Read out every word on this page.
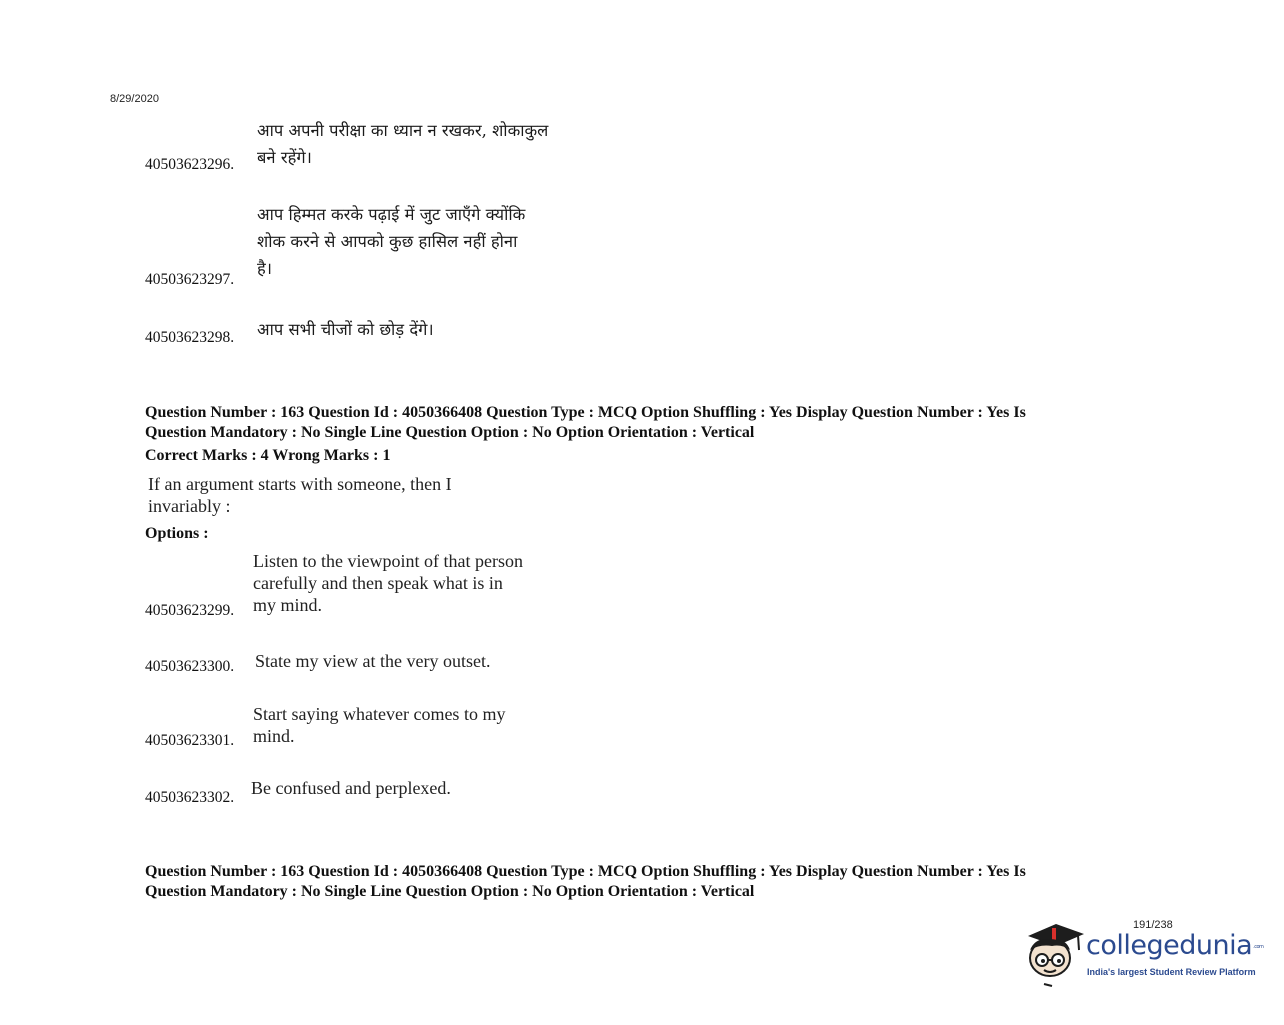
8/29/2020
आप अपनी परीक्षा का ध्यान न रखकर, शोकाकुल
बने रहेंगे।
40503623296.
आप हिम्मत करके पढ़ाई में जुट जाएँगे क्योंकि
शोक करने से आपको कुछ हासिल नहीं होना
है।
40503623297.
आप सभी चीजों को छोड़ देंगे।
40503623298.
Question Number : 163 Question Id : 4050366408 Question Type : MCQ Option Shuffling : Yes Display Question Number : Yes Is
Question Mandatory : No Single Line Question Option : No Option Orientation : Vertical
Correct Marks : 4 Wrong Marks : 1
If an argument starts with someone, then I
invariably :
Options :
Listen to the viewpoint of that person
carefully and then speak what is in
my mind.
40503623299.
State my view at the very outset.
40503623300.
Start saying whatever comes to my
mind.
40503623301.
Be confused and perplexed.
40503623302.
Question Number : 163 Question Id : 4050366408 Question Type : MCQ Option Shuffling : Yes Display Question Number : Yes Is
Question Mandatory : No Single Line Question Option : No Option Orientation : Vertical
191/238
collegedunia.com
India's largest Student Review Platform
